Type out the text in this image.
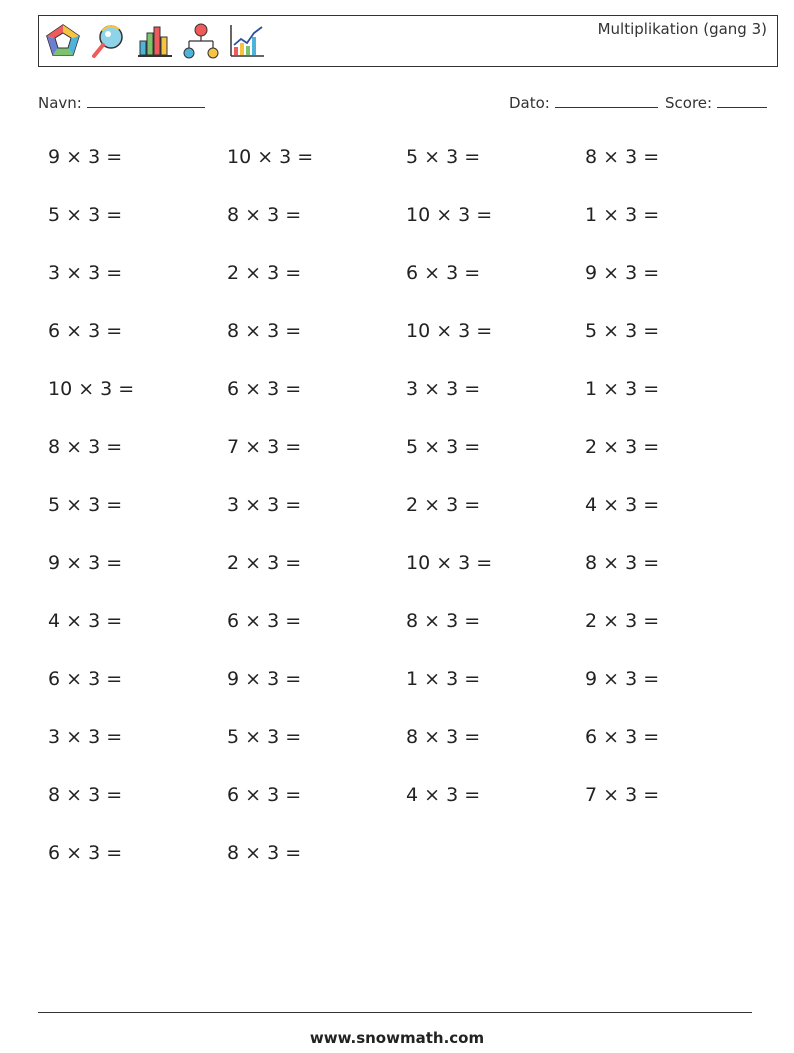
Multiplikation (gang 3)
Navn:	Dato:	Score:
9 × 3 =	10 × 3 =	5 × 3 =	8 × 3 =
5 × 3 =	8 × 3 =	10 × 3 =	1 × 3 =
3 × 3 =	2 × 3 =	6 × 3 =	9 × 3 =
6 × 3 =	8 × 3 =	10 × 3 =	5 × 3 =
10 × 3 =	6 × 3 =	3 × 3 =	1 × 3 =
8 × 3 =	7 × 3 =	5 × 3 =	2 × 3 =
5 × 3 =	3 × 3 =	2 × 3 =	4 × 3 =
9 × 3 =	2 × 3 =	10 × 3 =	8 × 3 =
4 × 3 =	6 × 3 =	8 × 3 =	2 × 3 =
6 × 3 =	9 × 3 =	1 × 3 =	9 × 3 =
3 × 3 =	5 × 3 =	8 × 3 =	6 × 3 =
8 × 3 =	6 × 3 =	4 × 3 =	7 × 3 =
6 × 3 =	8 × 3 =
www.snowmath.com
